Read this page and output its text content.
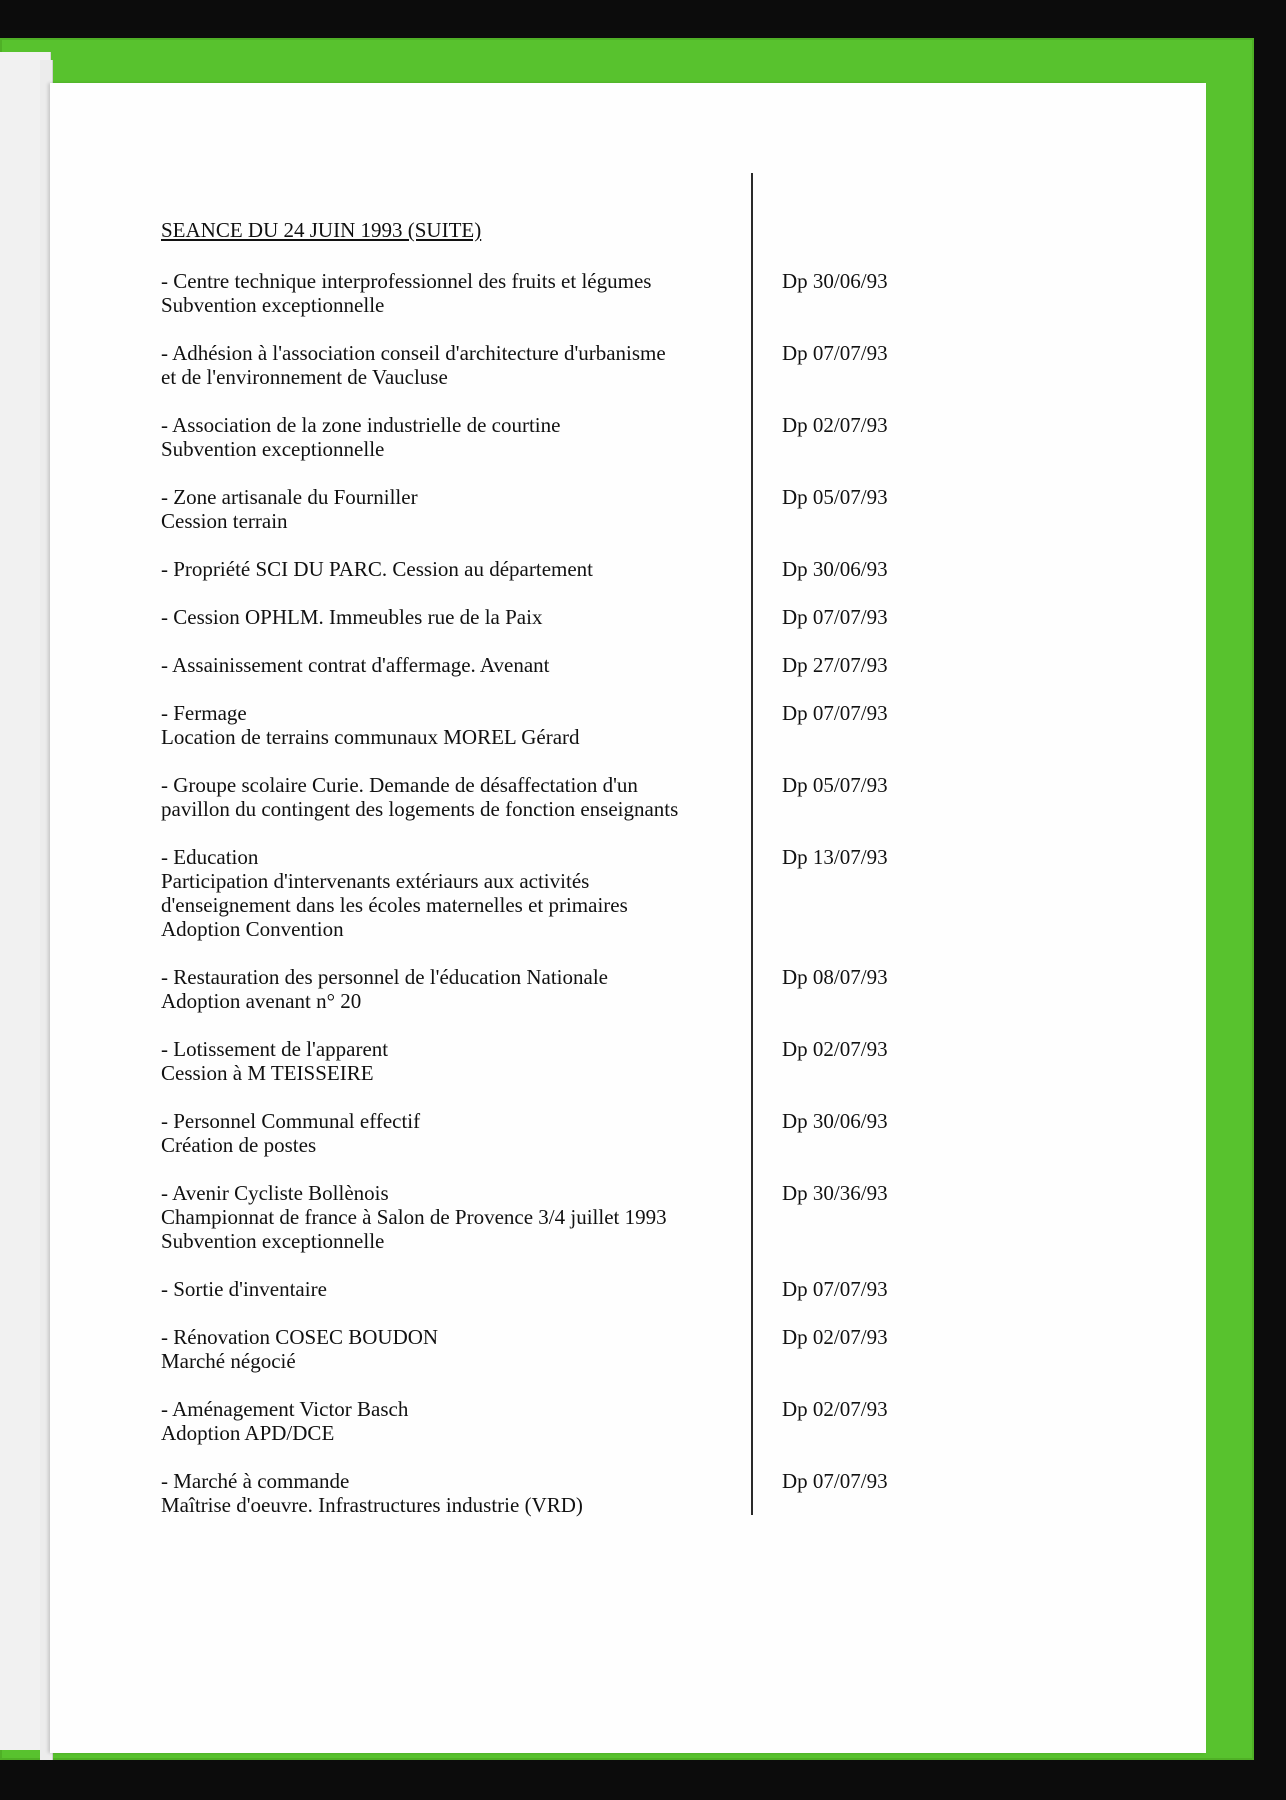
SEANCE DU 24 JUIN 1993 (SUITE)
- Centre technique interprofessionnel des fruits et légumes
Subvention exceptionnelle
Dp 30/06/93
- Adhésion à l'association conseil d'architecture d'urbanisme
et de l'environnement de Vaucluse
Dp 07/07/93
- Association de la zone industrielle de courtine
Subvention exceptionnelle
Dp 02/07/93
- Zone artisanale du Fourniller
Cession terrain
Dp 05/07/93
- Propriété SCI DU PARC. Cession au département	Dp 30/06/93
- Cession OPHLM. Immeubles rue de la Paix	Dp 07/07/93
- Assainissement contrat d'affermage. Avenant	Dp 27/07/93
- Fermage
Location de terrains communaux MOREL Gérard
Dp 07/07/93
- Groupe scolaire Curie. Demande de désaffectation d'un
pavillon du contingent des logements de fonction enseignants
Dp 05/07/93
- Education
Participation d'intervenants extériaurs aux activités
d'enseignement dans les écoles maternelles et primaires
Adoption Convention
Dp 13/07/93
- Restauration des personnel de l'éducation Nationale
Adoption avenant n° 20
Dp 08/07/93
- Lotissement de l'apparent
Cession à M TEISSEIRE
Dp 02/07/93
- Personnel Communal effectif
Création de postes
Dp 30/06/93
- Avenir Cycliste Bollènois
Championnat de france à Salon de Provence 3/4 juillet 1993
Subvention exceptionnelle
Dp 30/36/93
- Sortie d'inventaire	Dp 07/07/93
- Rénovation COSEC BOUDON
Marché négocié
Dp 02/07/93
- Aménagement Victor Basch
Adoption APD/DCE
Dp 02/07/93
- Marché à commande
Maîtrise d'oeuvre. Infrastructures industrie (VRD)
Dp 07/07/93
